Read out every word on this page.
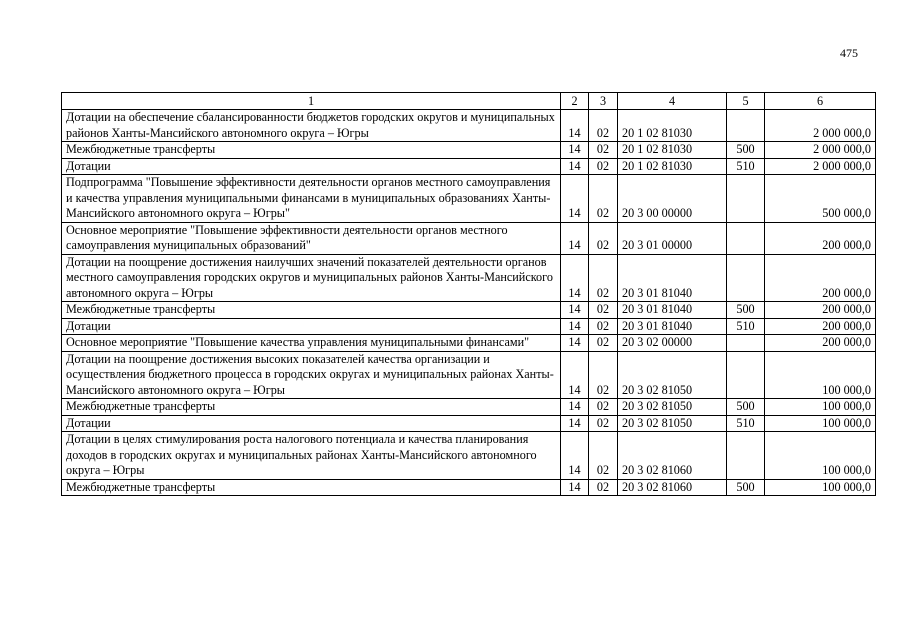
475
1	2	3	4	5	6
Дотации на обеспечение сбалансированности бюджетов городских округов и муниципальных районов Ханты-Мансийского автономного округа – Югры	14	02	20 1 02 81030		2 000 000,0
Межбюджетные трансферты	14	02	20 1 02 81030	500	2 000 000,0
Дотации	14	02	20 1 02 81030	510	2 000 000,0
Подпрограмма "Повышение эффективности деятельности органов местного самоуправления и качества управления муниципальными финансами в муниципальных образованиях Ханты-Мансийского автономного округа – Югры"	14	02	20 3 00 00000		500 000,0
Основное мероприятие "Повышение эффективности деятельности органов местного самоуправления муниципальных образований"	14	02	20 3 01 00000		200 000,0
Дотации на поощрение достижения наилучших значений показателей деятельности органов местного самоуправления городских округов и муниципальных районов Ханты-Мансийского автономного округа – Югры	14	02	20 3 01 81040		200 000,0
Межбюджетные трансферты	14	02	20 3 01 81040	500	200 000,0
Дотации	14	02	20 3 01 81040	510	200 000,0
Основное мероприятие "Повышение качества управления муниципальными финансами"	14	02	20 3 02 00000		200 000,0
Дотации на поощрение достижения высоких показателей качества организации и осуществления бюджетного процесса в городских округах и муниципальных районах Ханты-Мансийского автономного округа – Югры	14	02	20 3 02 81050		100 000,0
Межбюджетные трансферты	14	02	20 3 02 81050	500	100 000,0
Дотации	14	02	20 3 02 81050	510	100 000,0
Дотации в целях стимулирования роста налогового потенциала и качества планирования доходов в городских округах и муниципальных районах Ханты-Мансийского автономного округа – Югры	14	02	20 3 02 81060		100 000,0
Межбюджетные трансферты	14	02	20 3 02 81060	500	100 000,0
